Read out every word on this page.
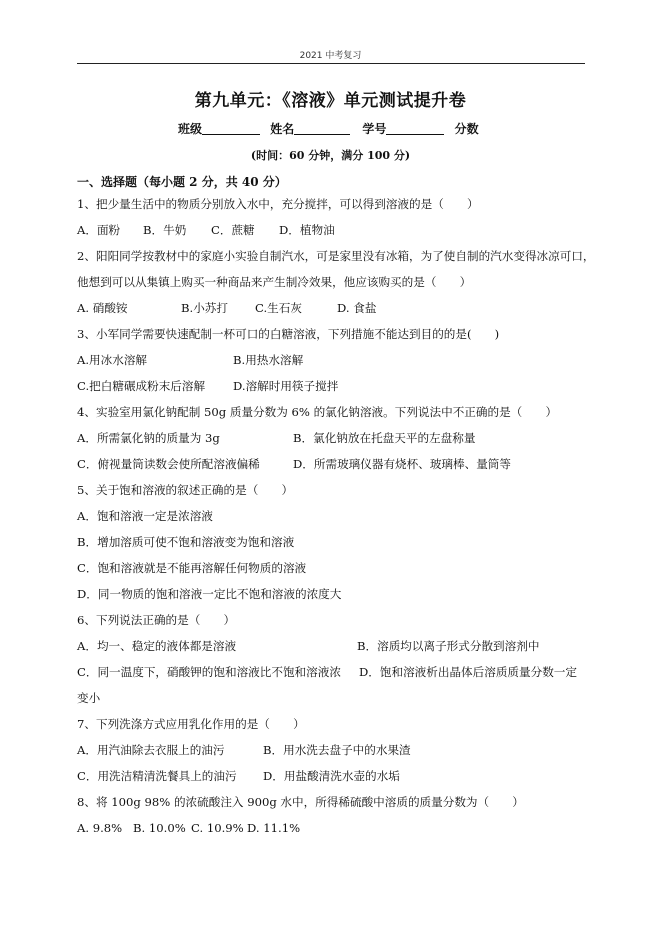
2021 中考复习
第九单元：《溶液》单元测试提升卷
班级	姓名	学号	分数
(时间：60 分钟，满分 100 分)
一、选择题（每小题 2 分，共 40 分）
1、把少量生活中的物质分别放入水中，充分搅拌，可以得到溶液的是（　　）
A．面粉 B．牛奶 C．蔗糖 D．植物油
2、阳阳同学按教材中的家庭小实验自制汽水，可是家里没有冰箱，为了使自制的汽水变得冰凉可口，
他想到可以从集镇上购买一种商品来产生制冷效果，他应该购买的是（　　）
A. 硝酸铵	B.小苏打 C.生石灰	D. 食盐
3、小军同学需要快速配制一杯可口的白糖溶液，下列措施不能达到目的的是(　　)
A.用冰水溶解	B.用热水溶解
C.把白糖碾成粉末后溶解 D.溶解时用筷子搅拌
4、实验室用氯化钠配制 50g 质量分数为 6% 的氯化钠溶液。下列说法中不正确的是（　　）
A．所需氯化钠的质量为 3g	B．氯化钠放在托盘天平的左盘称量
C．俯视量筒读数会使所配溶液偏稀	D．所需玻璃仪器有烧杯、玻璃棒、量筒等
5、关于饱和溶液的叙述正确的是（　　）
A．饱和溶液一定是浓溶液
B．增加溶质可使不饱和溶液变为饱和溶液
C．饱和溶液就是不能再溶解任何物质的溶液
D．同一物质的饱和溶液一定比不饱和溶液的浓度大
6、下列说法正确的是（　　）
A．均一、稳定的液体都是溶液	B．溶质均以离子形式分散到溶剂中
C．同一温度下，硝酸钾的饱和溶液比不饱和溶液浓 D．饱和溶液析出晶体后溶质质量分数一定
变小
7、下列洗涤方式应用乳化作用的是（　　）
A．用汽油除去衣服上的油污	B．用水洗去盘子中的水果渣
C．用洗洁精清洗餐具上的油污 D．用盐酸清洗水壶的水垢
8、将 100g 98% 的浓硫酸注入 900g 水中，所得稀硫酸中溶质的质量分数为（　　）
A. 9.8% B. 10.0% C. 10.9% D. 11.1%
